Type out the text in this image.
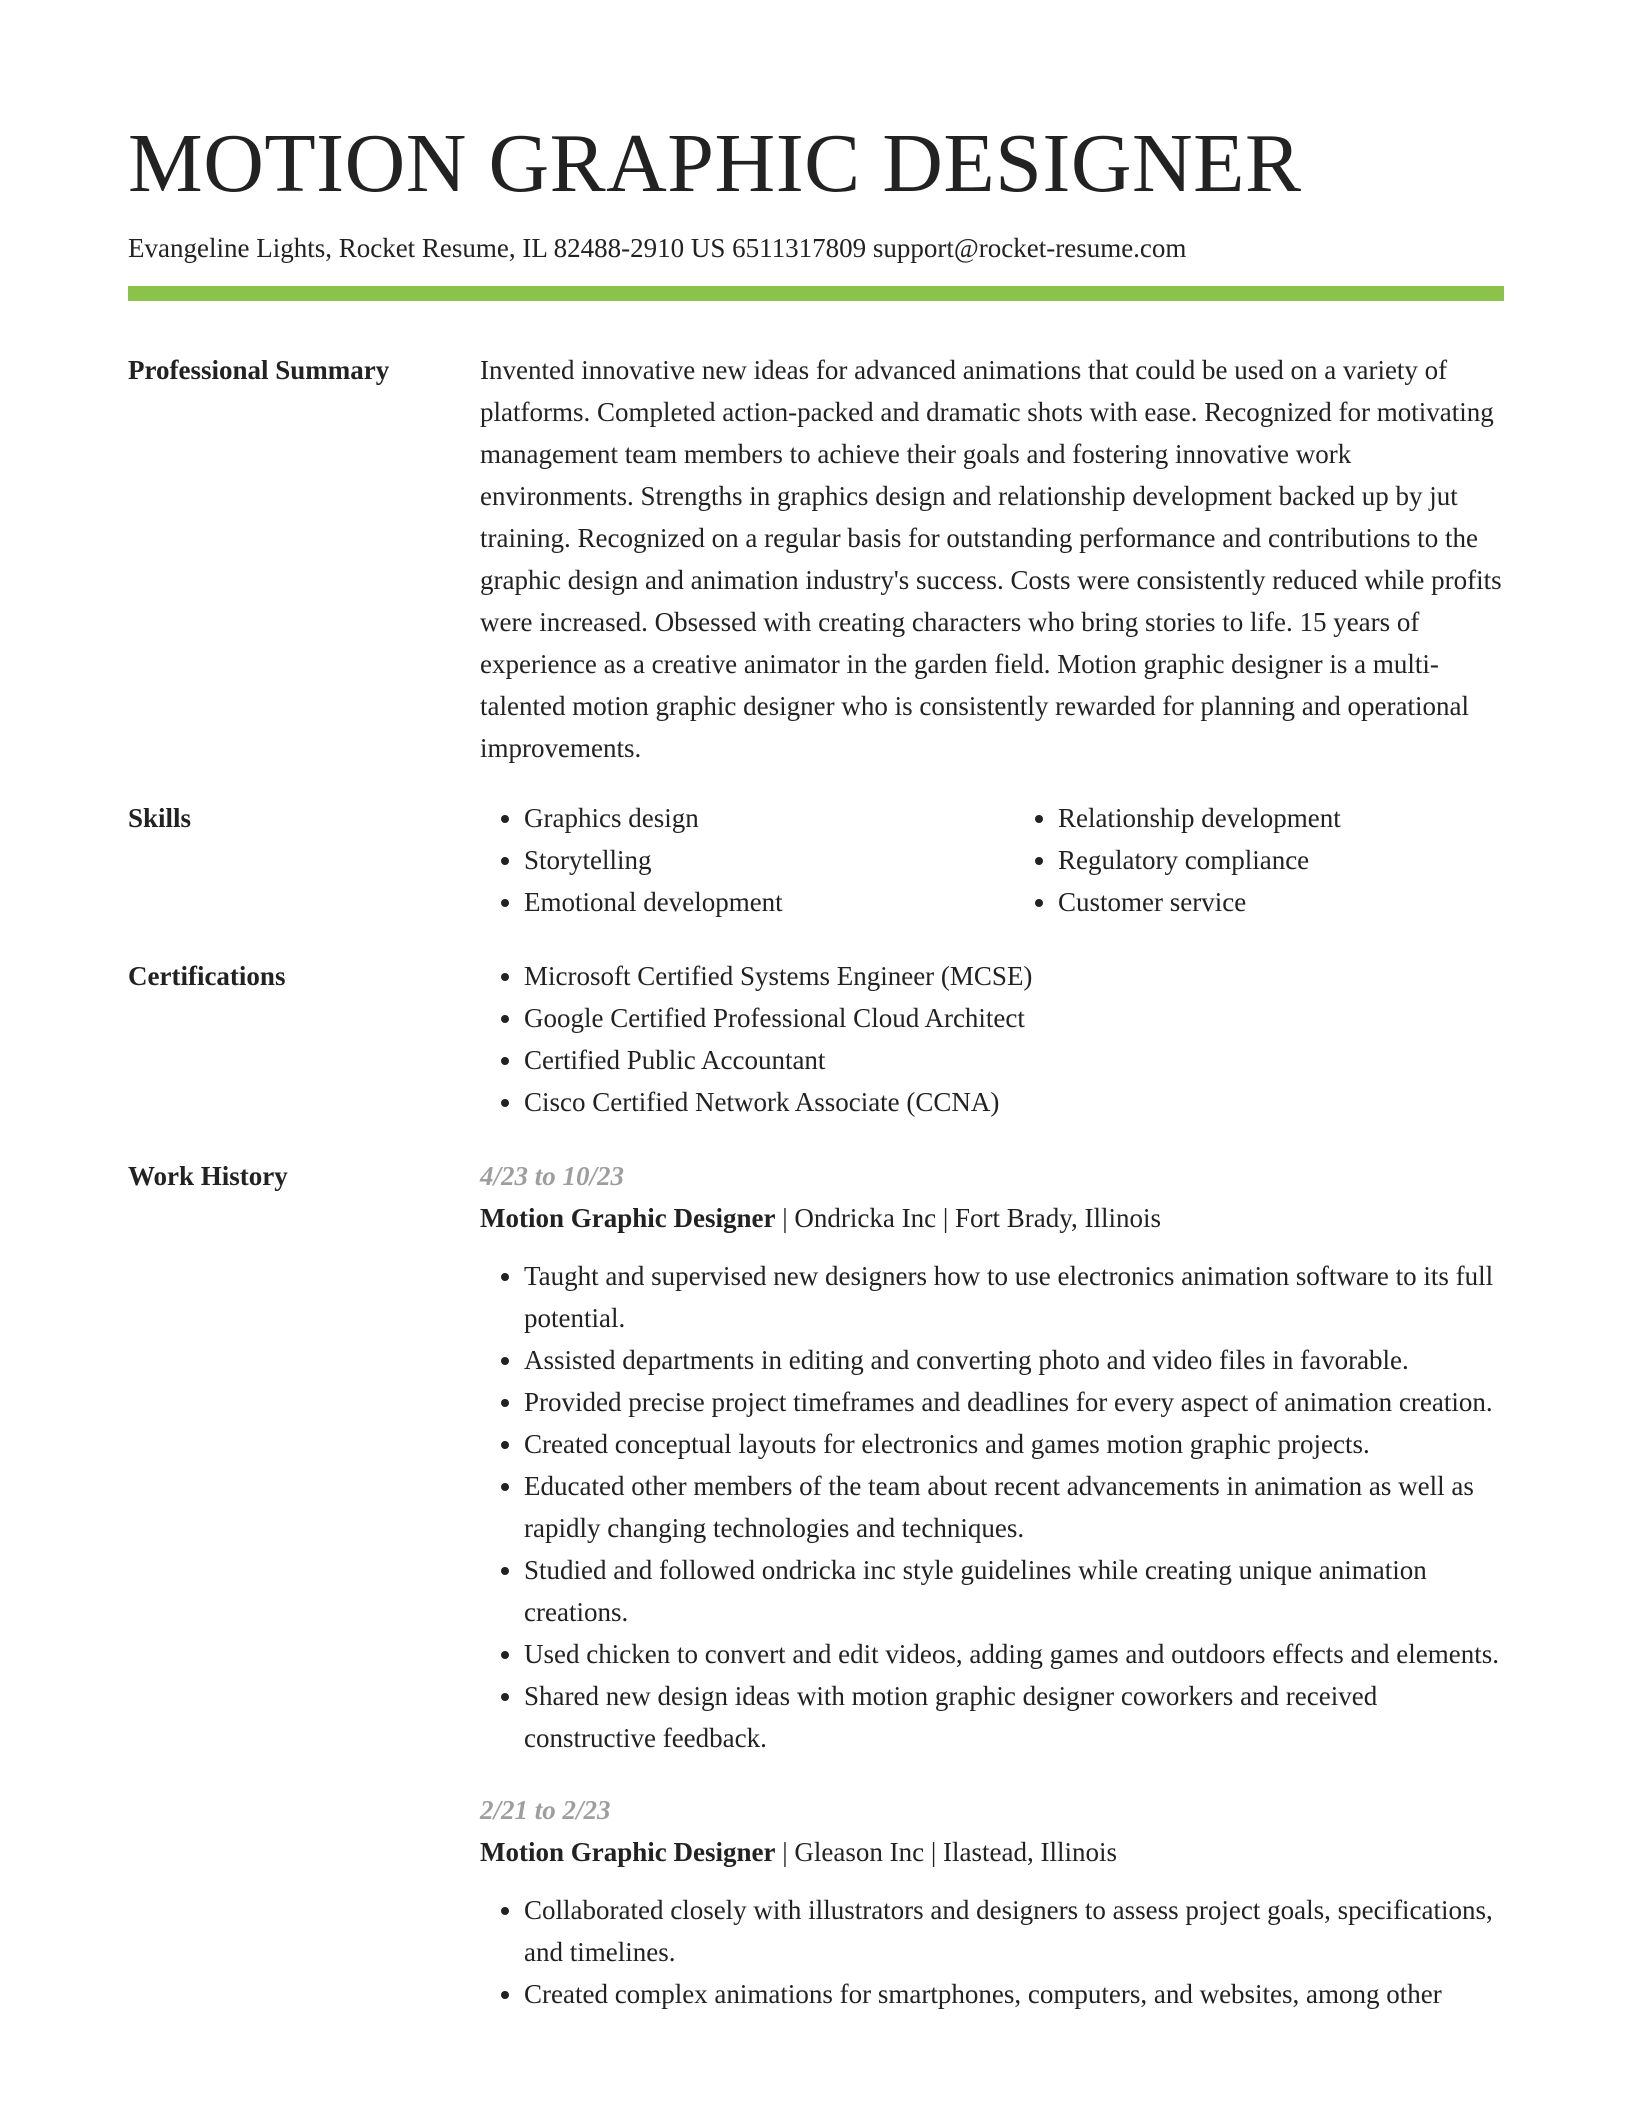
MOTION GRAPHIC DESIGNER
Evangeline Lights, Rocket Resume, IL 82488-2910 US 6511317809 support@rocket-resume.com
Professional Summary	Invented innovative new ideas for advanced animations that could be used on a variety of platforms. Completed action-packed and dramatic shots with ease. Recognized for motivating management team members to achieve their goals and fostering innovative work environments. Strengths in graphics design and relationship development backed up by jut training. Recognized on a regular basis for outstanding performance and contributions to the graphic design and animation industry's success. Costs were consistently reduced while profits were increased. Obsessed with creating characters who bring stories to life. 15 years of experience as a creative animator in the garden field. Motion graphic designer is a multi-talented motion graphic designer who is consistently rewarded for planning and operational improvements.

Skills	• Graphics design
• Storytelling
• Emotional development
• Relationship development
• Regulatory compliance
• Customer service
Certifications	• Microsoft Certified Systems Engineer (MCSE)
• Google Certified Professional Cloud Architect
• Certified Public Accountant
• Cisco Certified Network Associate (CCNA)
Work History	4/23 to 10/23
Motion Graphic Designer | Ondricka Inc | Fort Brady, Illinois
• Taught and supervised new designers how to use electronics animation software to its full potential.
• Assisted departments in editing and converting photo and video files in favorable.
• Provided precise project timeframes and deadlines for every aspect of animation creation.
• Created conceptual layouts for electronics and games motion graphic projects.
• Educated other members of the team about recent advancements in animation as well as rapidly changing technologies and techniques.
• Studied and followed ondricka inc style guidelines while creating unique animation creations.
• Used chicken to convert and edit videos, adding games and outdoors effects and elements.
• Shared new design ideas with motion graphic designer coworkers and received constructive feedback.
2/21 to 2/23
Motion Graphic Designer | Gleason Inc | Ilastead, Illinois
• Collaborated closely with illustrators and designers to assess project goals, specifications, and timelines.
• Created complex animations for smartphones, computers, and websites, among other
